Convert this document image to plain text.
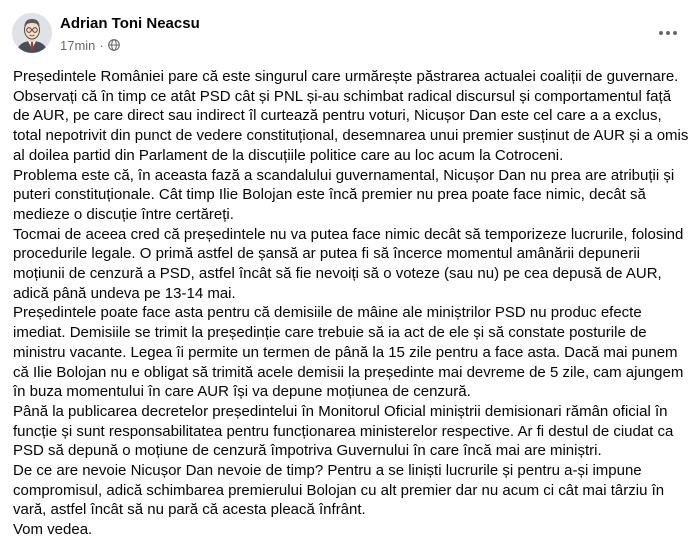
Adrian Toni Neacsu
17min ·

Președintele României pare că este singurul care urmărește păstrarea actualei coaliții de guvernare. Observați că în timp ce atât PSD cât și PNL și-au schimbat radical discursul și comportamentul față de AUR, pe care direct sau indirect îl curtează pentru voturi, Nicușor Dan este cel care a a exclus, total nepotrivit din punct de vedere constituțional, desemnarea unui premier susținut de AUR și a omis al doilea partid din Parlament de la discuțiile politice care au loc acum la Cotroceni.

Problema este că, în aceasta fază a scandalului guvernamental, Nicușor Dan nu prea are atribuții și puteri constituționale. Cât timp Ilie Bolojan este încă premier nu prea poate face nimic, decât să medieze o discuție între certăreți.

Tocmai de aceea cred că președintele nu va putea face nimic decât să temporizeze lucrurile, folosind procedurile legale. O primă astfel de șansă ar putea fi să încerce momentul amânării depunerii moțiunii de cenzură a PSD, astfel încât să fie nevoiți să o voteze (sau nu) pe cea depusă de AUR, adică până undeva pe 13-14 mai.

Președintele poate face asta pentru că demisiile de mâine ale miniștrilor PSD nu produc efecte imediat. Demisiile se trimit la președinție care trebuie să ia act de ele și să constate posturile de ministru vacante. Legea îi permite un termen de până la 15 zile pentru a face asta. Dacă mai punem că Ilie Bolojan nu e obligat să trimită acele demisii la președinte mai devreme de 5 zile, cam ajungem în buza momentului în care AUR își va depune moțiunea de cenzură.

Până la publicarea decretelor președintelui în Monitorul Oficial miniștrii demisionari rămân oficial în funcție și sunt responsabilitatea pentru funcționarea ministerelor respective. Ar fi destul de ciudat ca PSD să depună o moțiune de cenzură împotriva Guvernului în care încă mai are miniștri.

De ce are nevoie Nicușor Dan nevoie de timp? Pentru a se liniști lucrurile și pentru a-și impune compromisul, adică schimbarea premierului Bolojan cu alt premier dar nu acum ci cât mai târziu în vară, astfel încât să nu pară că acesta pleacă înfrânt.

Vom vedea.
